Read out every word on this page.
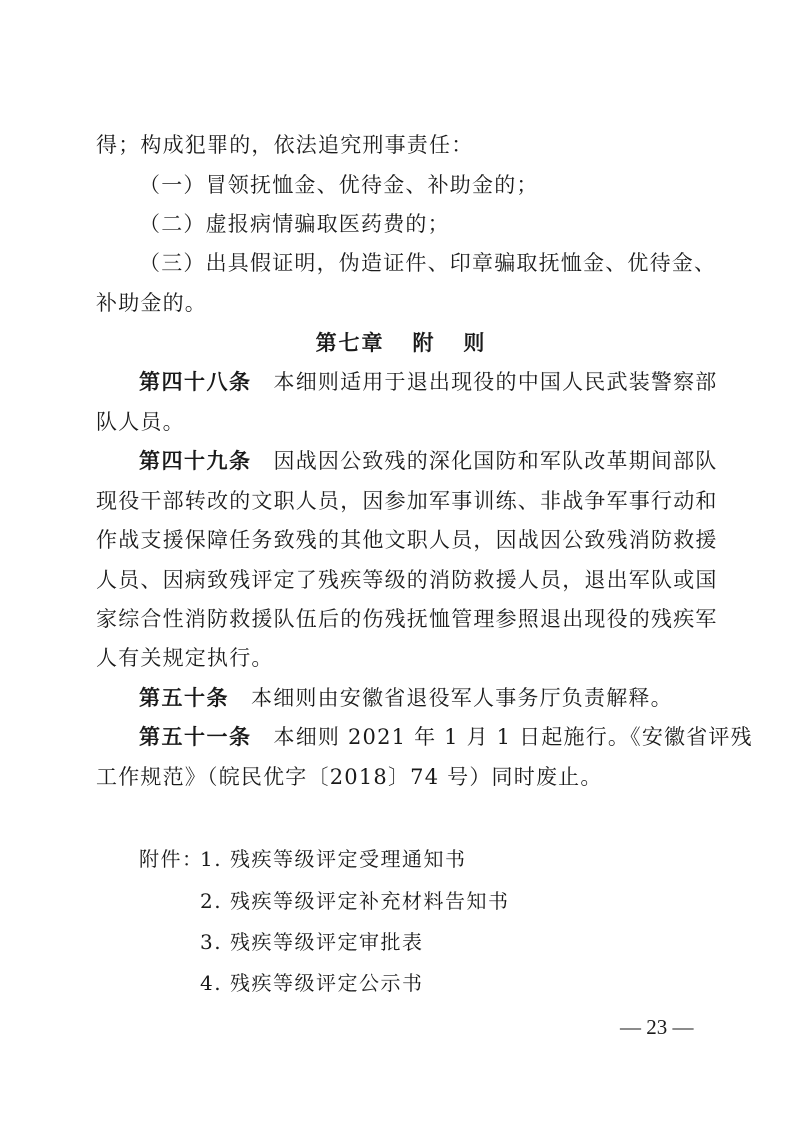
得；构成犯罪的，依法追究刑事责任：
（一）冒领抚恤金、优待金、补助金的；
（二）虚报病情骗取医药费的；
（三）出具假证明，伪造证件、印章骗取抚恤金、优待金、
补助金的。
第七章   附   则
第四十八条 本细则适用于退出现役的中国人民武装警察部
队人员。
第四十九条 因战因公致残的深化国防和军队改革期间部队
现役干部转改的文职人员，因参加军事训练、非战争军事行动和
作战支援保障任务致残的其他文职人员，因战因公致残消防救援
人员、因病致残评定了残疾等级的消防救援人员，退出军队或国
家综合性消防救援队伍后的伤残抚恤管理参照退出现役的残疾军
人有关规定执行。
第五十条 本细则由安徽省退役军人事务厅负责解释。
第五十一条 本细则 2021 年 1 月 1 日起施行。《安徽省评残
工作规范》（皖民优字〔2018〕74 号）同时废止。
附件：
1. 残疾等级评定受理通知书
2. 残疾等级评定补充材料告知书
3. 残疾等级评定审批表
4. 残疾等级评定公示书
— 23 —
